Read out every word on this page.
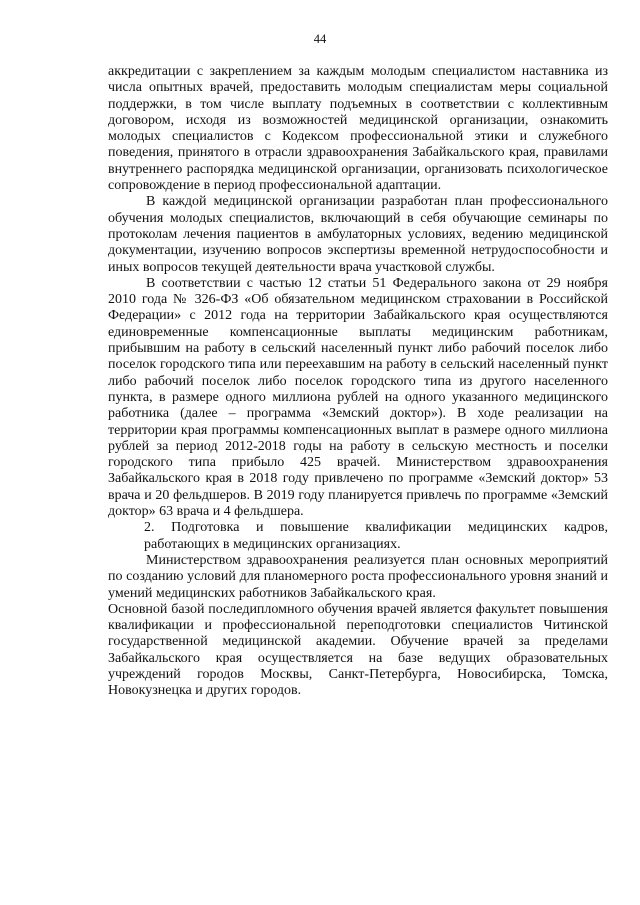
44

аккредитации с закреплением за каждым молодым специалистом наставника из числа опытных врачей, предоставить молодым специалистам меры социальной поддержки, в том числе выплату подъемных в соответствии с коллективным договором, исходя из возможностей медицинской организации, ознакомить молодых специалистов с Кодексом профессиональной этики и служебного поведения, принятого в отрасли здравоохранения Забайкальского края, правилами внутреннего распорядка медицинской организации, организовать психологическое сопровождение в период профессиональной адаптации.

В каждой медицинской организации разработан план профессионального обучения молодых специалистов, включающий в себя обучающие семинары по протоколам лечения пациентов в амбулаторных условиях, ведению медицинской документации, изучению вопросов экспертизы временной нетрудоспособности и иных вопросов текущей деятельности врача участковой службы.

В соответствии с частью 12 статьи 51 Федерального закона от 29 ноября 2010 года № 326-ФЗ «Об обязательном медицинском страховании в Российской Федерации» с 2012 года на территории Забайкальского края осуществляются единовременные компенсационные выплаты медицинским работникам, прибывшим на работу в сельский населенный пункт либо рабочий поселок либо поселок городского типа или переехавшим на работу в сельский населенный пункт либо рабочий поселок либо поселок городского типа из другого населенного пункта, в размере одного миллиона рублей на одного указанного медицинского работника (далее – программа «Земский доктор»). В ходе реализации на территории края программы компенсационных выплат в размере одного миллиона рублей за период 2012-2018 годы на работу в сельскую местность и поселки городского типа прибыло 425 врачей. Министерством здравоохранения Забайкальского края в 2018 году привлечено по программе «Земский доктор» 53 врача и 20 фельдшеров. В 2019 году планируется привлечь по программе «Земский доктор» 63 врача и 4 фельдшера.

2. Подготовка и повышение квалификации медицинских кадров, работающих в медицинских организациях.

Министерством здравоохранения реализуется план основных мероприятий по созданию условий для планомерного роста профессионального уровня знаний и умений медицинских работников Забайкальского края.

Основной базой последипломного обучения врачей является факультет повышения квалификации и профессиональной переподготовки специалистов Читинской государственной медицинской академии. Обучение врачей за пределами Забайкальского края осуществляется на базе ведущих образовательных учреждений городов Москвы, Санкт-Петербурга, Новосибирска, Томска, Новокузнецка и других городов.
